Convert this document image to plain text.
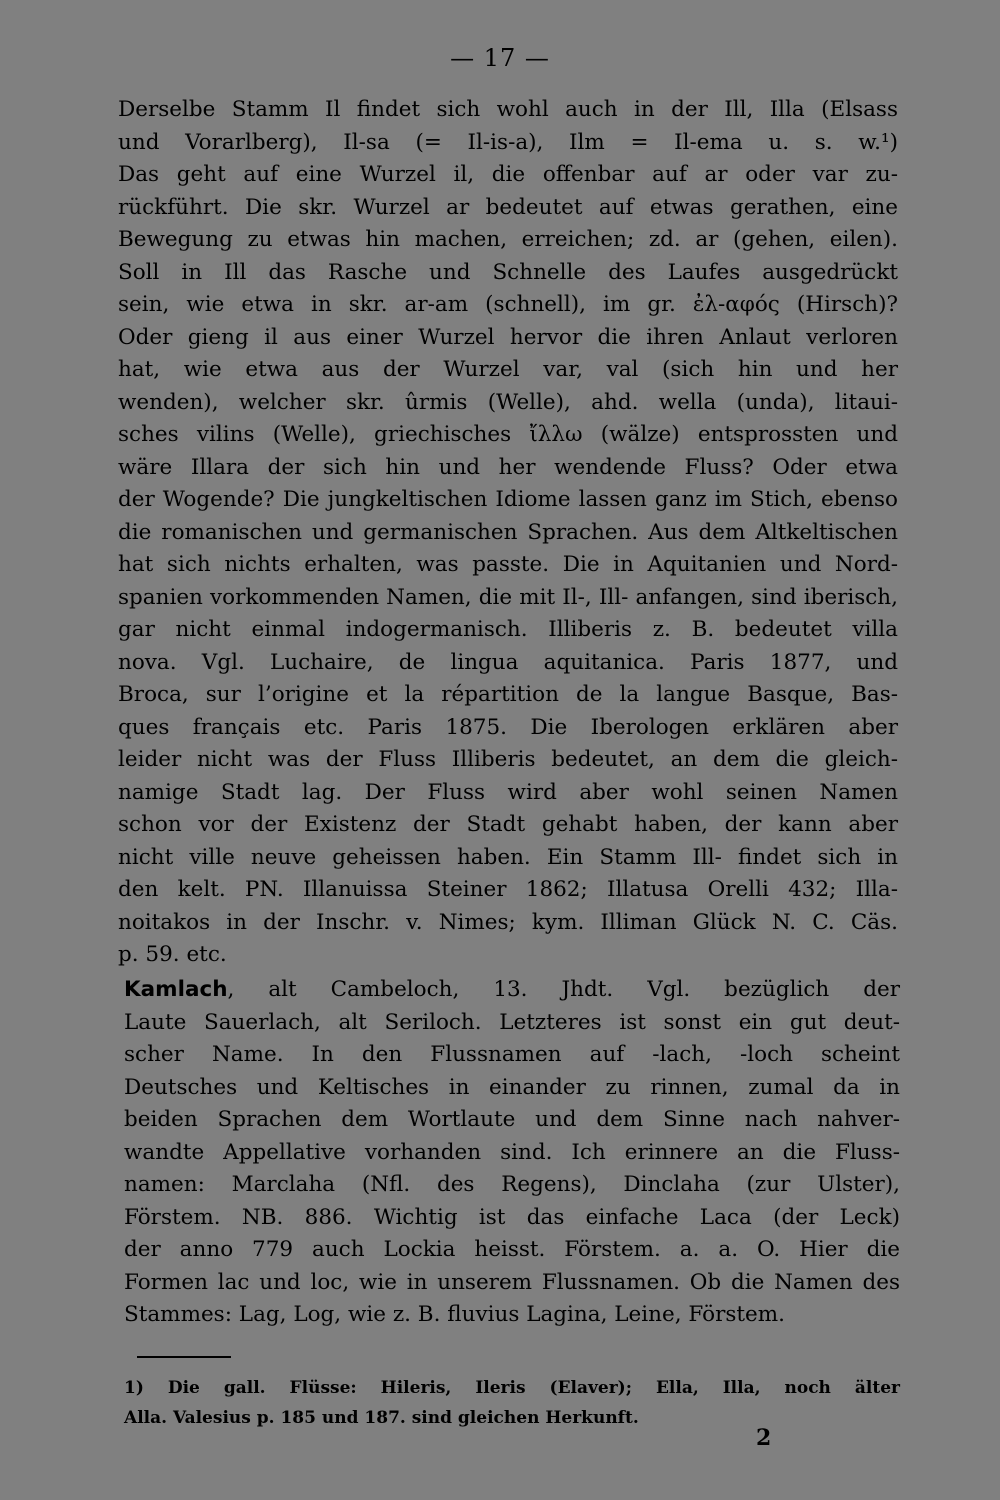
— 17 —
Derselbe Stamm Il findet sich wohl auch in der Ill, Illa (Elsass
und Vorarlberg), Il-sa (= Il-is-a), Ilm = Il-ema u. s. w.¹)
Das geht auf eine Wurzel il, die offenbar auf ar oder var zu-
rückführt. Die skr. Wurzel ar bedeutet auf etwas gerathen, eine
Bewegung zu etwas hin machen, erreichen; zd. ar (gehen, eilen).
Soll in Ill das Rasche und Schnelle des Laufes ausgedrückt
sein, wie etwa in skr. ar-am (schnell), im gr. ἐλ-αφός (Hirsch)?
Oder gieng il aus einer Wurzel hervor die ihren Anlaut verloren
hat, wie etwa aus der Wurzel var, val (sich hin und her
wenden), welcher skr. ûrmis (Welle), ahd. wella (unda), litaui-
sches vilins (Welle), griechisches ἴλλω (wälze) entsprossten und
wäre Illara der sich hin und her wendende Fluss? Oder etwa
der Wogende? Die jungkeltischen Idiome lassen ganz im Stich, ebenso
die romanischen und germanischen Sprachen. Aus dem Altkeltischen
hat sich nichts erhalten, was passte. Die in Aquitanien und Nord-
spanien vorkommenden Namen, die mit Il-, Ill- anfangen, sind iberisch,
gar nicht einmal indogermanisch. Illiberis z. B. bedeutet villa
nova. Vgl. Luchaire, de lingua aquitanica. Paris 1877, und
Broca, sur l’origine et la répartition de la langue Basque, Bas-
ques français etc. Paris 1875. Die Iberologen erklären aber
leider nicht was der Fluss Illiberis bedeutet, an dem die gleich-
namige Stadt lag. Der Fluss wird aber wohl seinen Namen
schon vor der Existenz der Stadt gehabt haben, der kann aber
nicht ville neuve geheissen haben. Ein Stamm Ill- findet sich in
den kelt. PN. Illanuissa Steiner 1862; Illatusa Orelli 432; Illa-
noitakos in der Inschr. v. Nimes; kym. Illiman Glück N. C. Cäs.
p. 59. etc.
Kamlach, alt Cambeloch, 13. Jhdt. Vgl. bezüglich der
Laute Sauerlach, alt Seriloch. Letzteres ist sonst ein gut deut-
scher Name. In den Flussnamen auf -lach, -loch scheint
Deutsches und Keltisches in einander zu rinnen, zumal da in
beiden Sprachen dem Wortlaute und dem Sinne nach nahver-
wandte Appellative vorhanden sind. Ich erinnere an die Fluss-
namen: Marclaha (Nfl. des Regens), Dinclaha (zur Ulster),
Förstem. NB. 886. Wichtig ist das einfache Laca (der Leck)
der anno 779 auch Lockia heisst. Förstem. a. a. O. Hier die
Formen lac und loc, wie in unserem Flussnamen. Ob die Namen des
Stammes: Lag, Log, wie z. B. fluvius Lagina, Leine, Förstem.
1) Die gall. Flüsse: Hileris, Ileris (Elaver); Ella, Illa, noch älter
Alla. Valesius p. 185 und 187. sind gleichen Herkunft.
2
